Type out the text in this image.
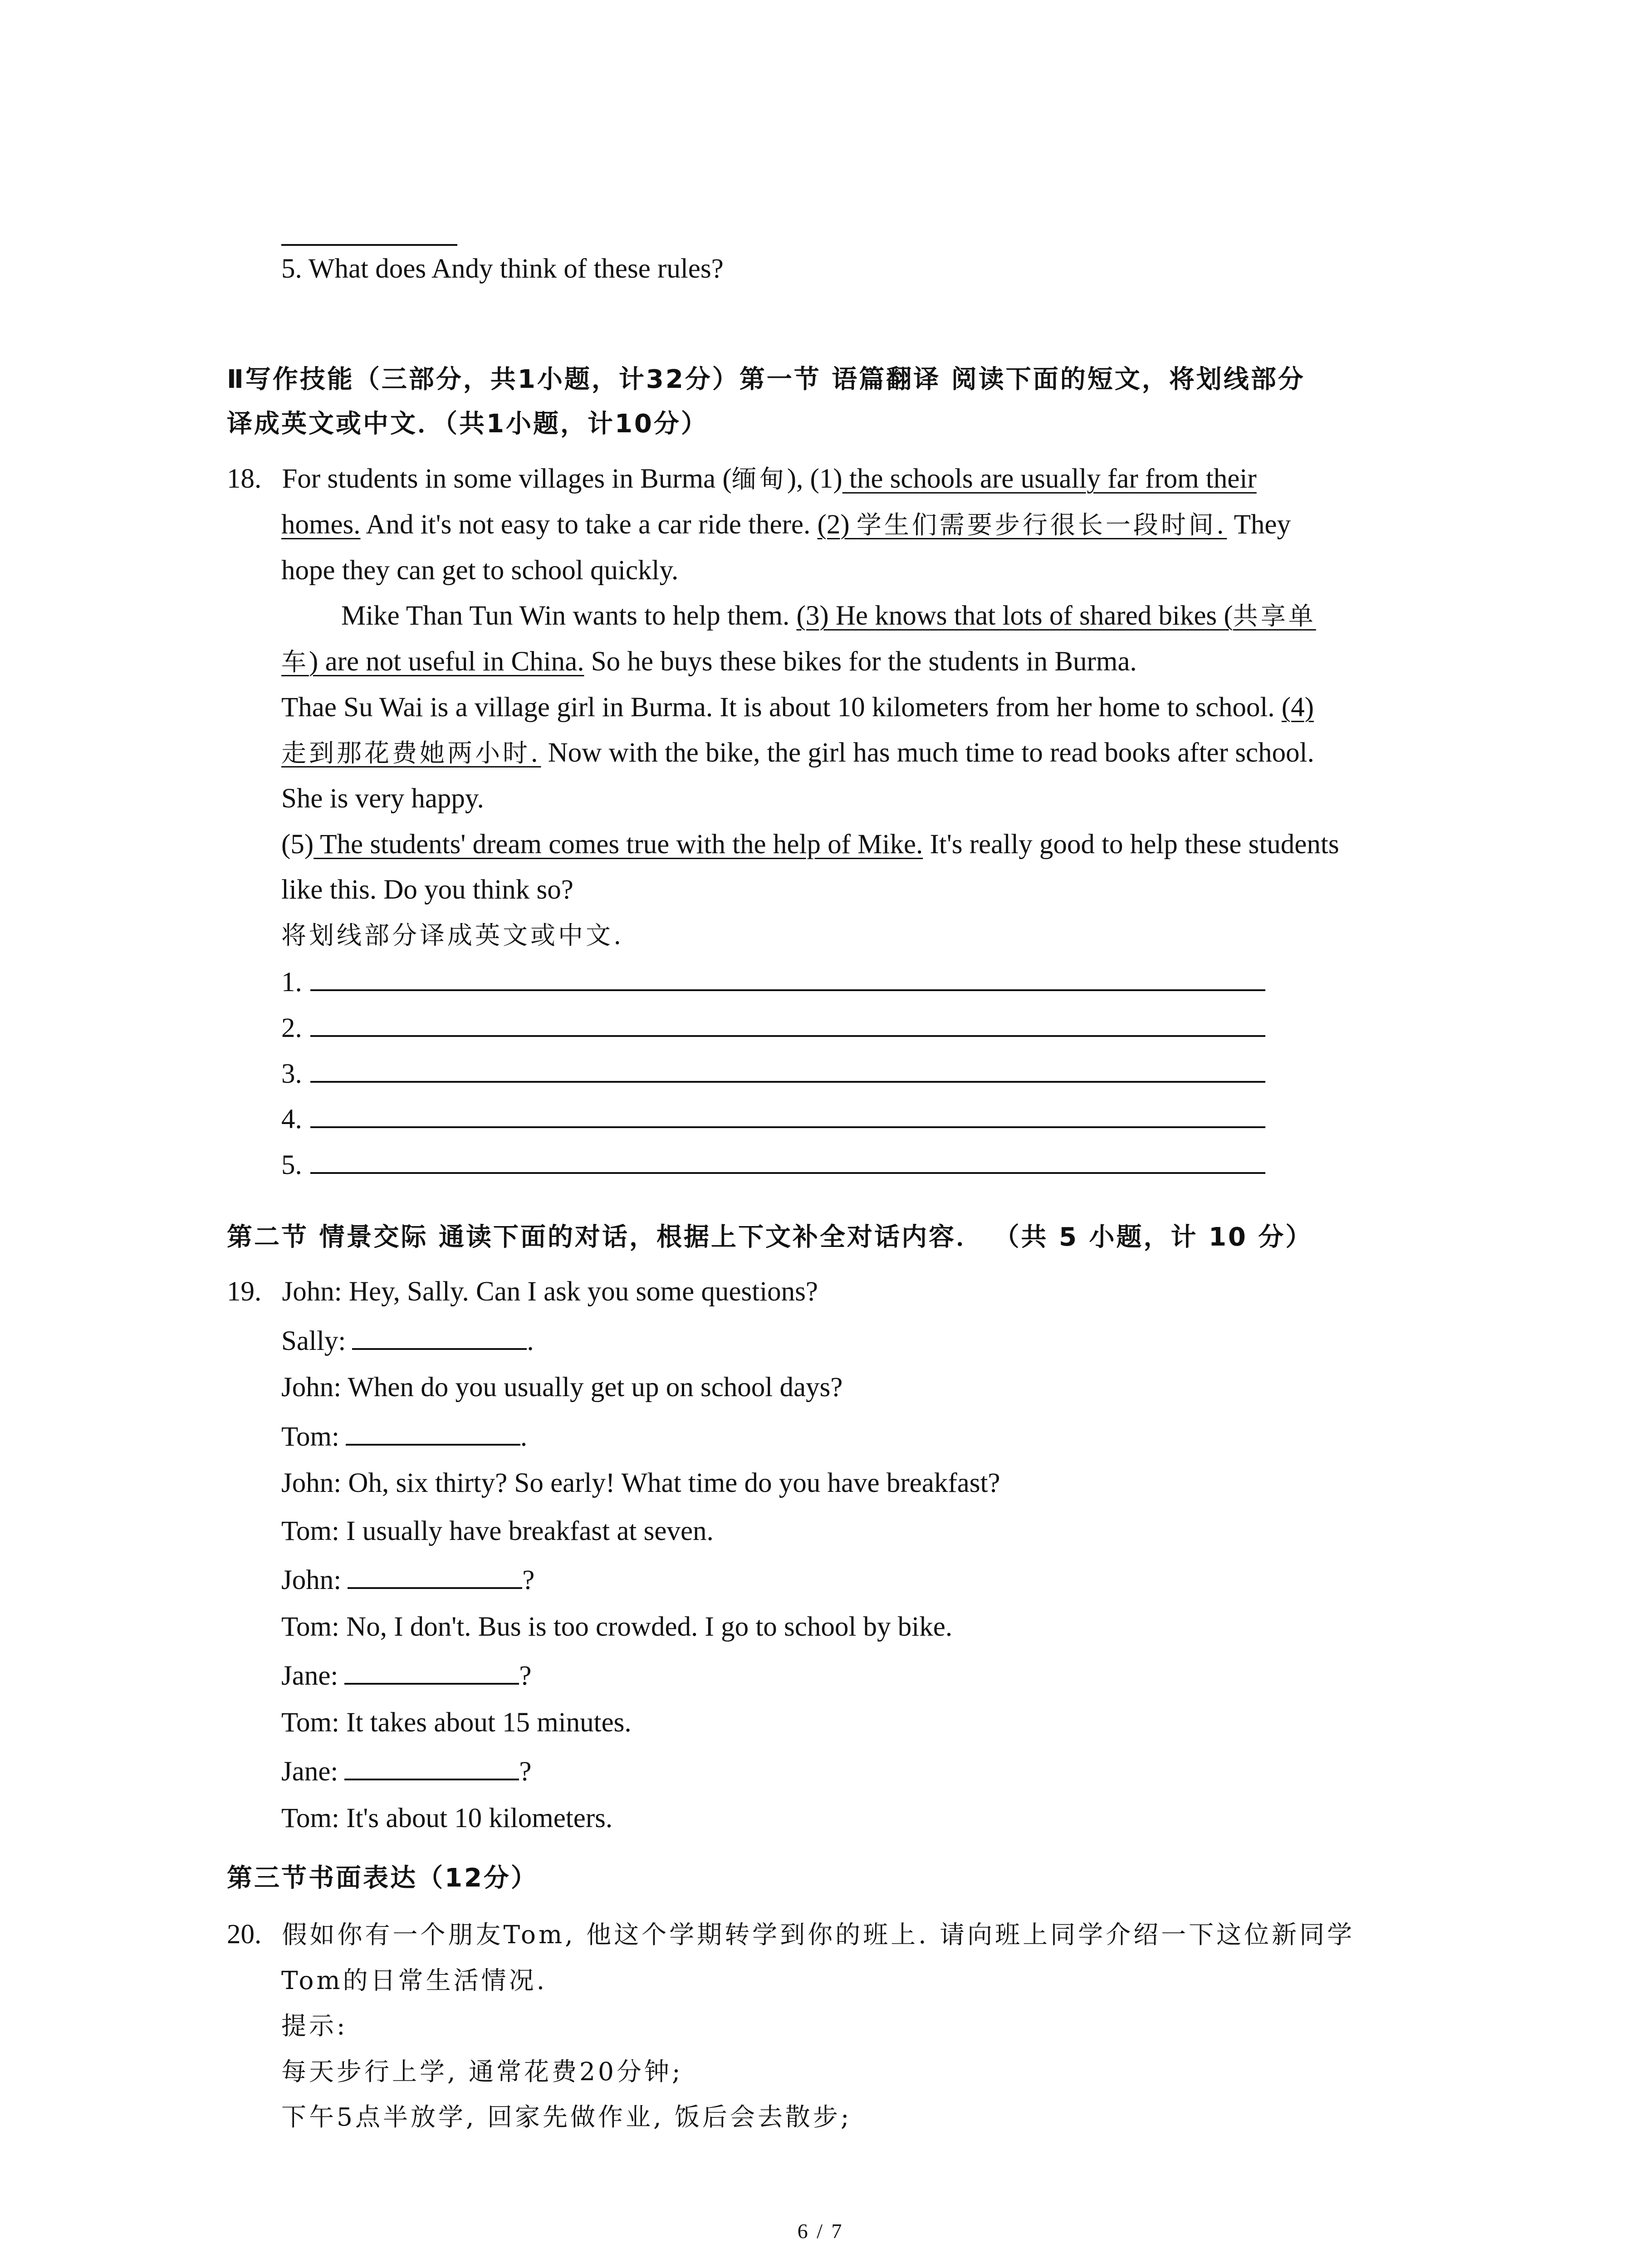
5. What does Andy think of these rules?
Ⅱ写作技能（三部分，共1小题，计32分）第一节 语篇翻译 阅读下面的短文，将划线部分
译成英文或中文．（共1小题，计10分）
18. For students in some villages in Burma (缅甸), (1) the schools are usually far from their
homes. And it's not easy to take a car ride there. (2) 学生们需要步行很长一段时间. They
hope they can get to school quickly.
Mike Than Tun Win wants to help them. (3) He knows that lots of shared bikes (共享单
车) are not useful in China. So he buys these bikes for the students in Burma.
Thae Su Wai is a village girl in Burma. It is about 10 kilometers from her home to school. (4)
走到那花费她两小时. Now with the bike, the girl has much time to read books after school.
She is very happy.
(5) The students' dream comes true with the help of Mike. It's really good to help these students
like this. Do you think so?
将划线部分译成英文或中文.
1.
2.
3.
4.
5.
第二节 情景交际 通读下面的对话，根据上下文补全对话内容． （共 5 小题，计 10 分）
19. John: Hey, Sally. Can I ask you some questions?
Sally:	.
John: When do you usually get up on school days?
Tom:	.
John: Oh, six thirty? So early! What time do you have breakfast?
Tom: I usually have breakfast at seven.
John:	?
Tom: No, I don't. Bus is too crowded. I go to school by bike.
Jane:	?
Tom: It takes about 15 minutes.
Jane:	?
Tom: It's about 10 kilometers.
第三节书面表达（12分）
20. 假如你有一个朋友Tom, 他这个学期转学到你的班上. 请向班上同学介绍一下这位新同学
Tom的日常生活情况.
提示:
每天步行上学, 通常花费20分钟;
下午5点半放学, 回家先做作业, 饭后会去散步;
6 / 7
